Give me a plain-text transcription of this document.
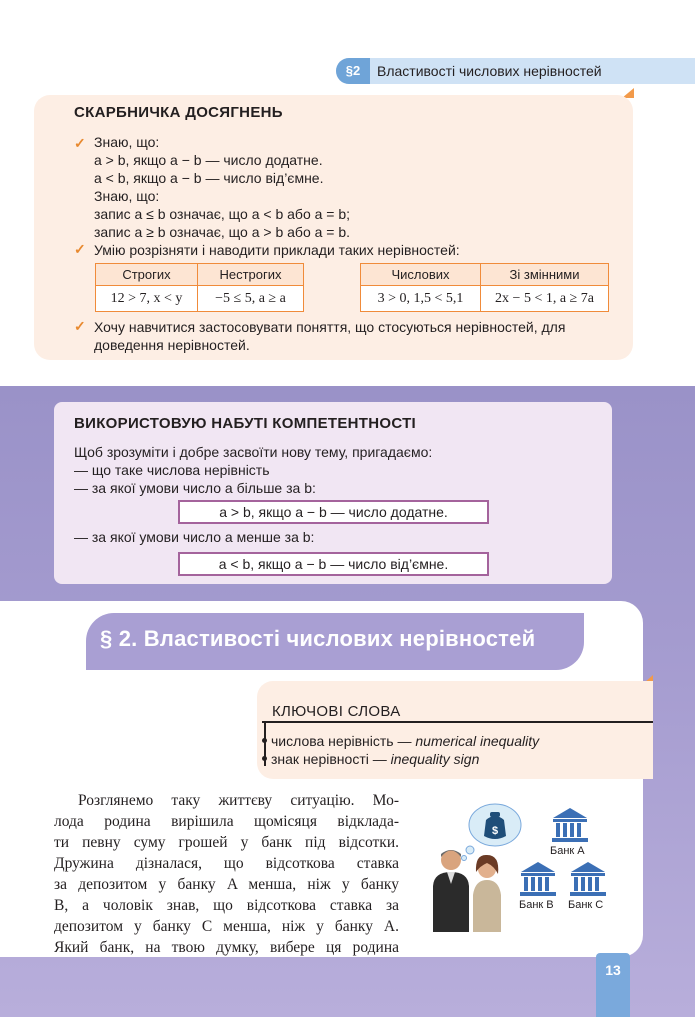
§2	Властивості числових нерівностей
СКАРБНИЧКА ДОСЯГНЕНЬ
✓ Знаю, що:
a > b, якщо a − b — число додатне.
a < b, якщо a − b — число від’ємне.
Знаю, що:
запис a ≤ b означає, що a < b або a = b;
запис a ≥ b означає, що a > b або a = b.
✓ Умію розрізняти і наводити приклади таких нерівностей:
Строгих	Нестрогих
12 > 7, x < y	−5 ≤ 5, a ≥ a
Числових	Зі змінними
3 > 0, 1,5 < 5,1	2x − 5 < 1, a ≥ 7a
✓ Хочу навчитися застосовувати поняття, що стосуються нерівностей, для
доведення нерівностей.
ВИКОРИСТОВУЮ НАБУТІ КОМПЕТЕНТНОСТІ
Щоб зрозуміти і добре засвоїти нову тему, пригадаємо:
— що таке числова нерівність
— за якої умови число a більше за b:
a > b, якщо a − b — число додатне.
— за якої умови число a менше за b:
a < b, якщо a − b — число від’ємне.
§ 2. Властивості числових нерівностей
КЛЮЧОВІ СЛОВА
числова нерівність — numerical inequality
знак нерівності — inequality sign
Розглянемо таку життєву ситуацію. Мо-
лода родина вирішила щомісяця відклада-
ти певну суму грошей у банк під відсотки.
Дружина дізналася, що відсоткова ставка
за депозитом у банку A менша, ніж у банку
B, а чоловік знав, що відсоткова ставка за
депозитом у банку C менша, ніж у банку A.
Який банк, на твою думку, вибере ця родина
$
Банк А
Банк В Банк С
13
